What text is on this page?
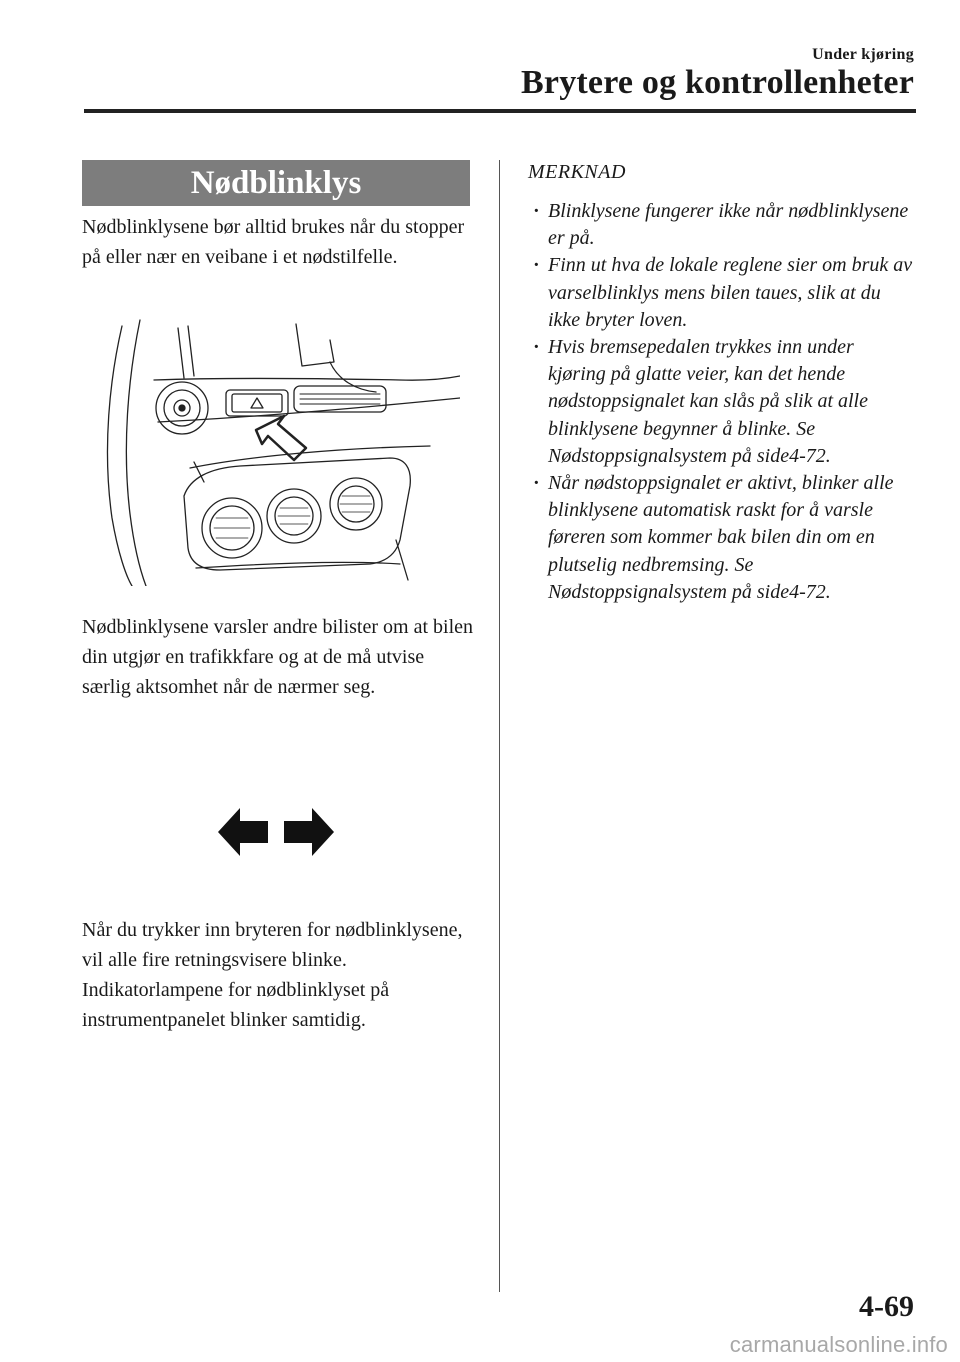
Under kjøring
Brytere og kontrollenheter
Nødblinklys

Nødblinklysene bør alltid brukes når du stopper på eller nær en veibane i et nødstilfelle.

Nødblinklysene varsler andre bilister om at bilen din utgjør en trafikkfare og at de må utvise særlig aktsomhet når de nærmer seg.

Når du trykker inn bryteren for nødblinklysene, vil alle fire retningsvisere blinke. Indikatorlampene for nødblinklyset på instrumentpanelet blinker samtidig.

MERKNAD
· Blinklysene fungerer ikke når nødblinklysene er på.
· Finn ut hva de lokale reglene sier om bruk av varselblinklys mens bilen taues, slik at du ikke bryter loven.
· Hvis bremsepedalen trykkes inn under kjøring på glatte veier, kan det hende nødstoppsignalet kan slås på slik at alle blinklysene begynner å blinke. Se Nødstoppsignalsystem på side4-72.
· Når nødstoppsignalet er aktivt, blinker alle blinklysene automatisk raskt for å varsle føreren som kommer bak bilen din om en plutselig nedbremsing. Se Nødstoppsignalsystem på side4-72.
4-69
carmanualsonline.info
